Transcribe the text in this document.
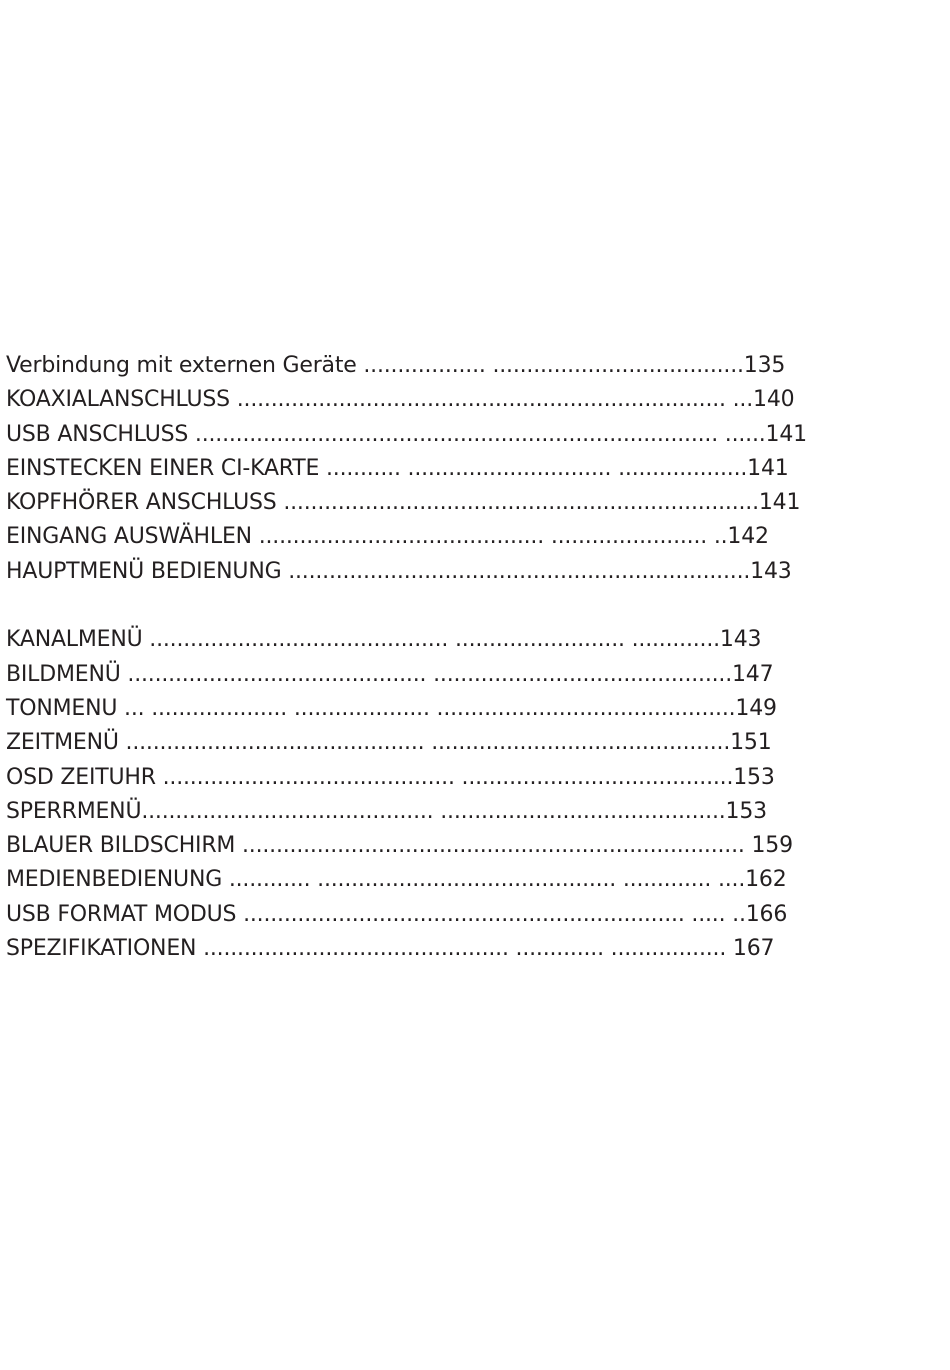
Verbindung mit externen Geräte .................. .....................................135
KOAXIALANSCHLUSS ........................................................................ ...140
USB ANSCHLUSS ............................................................................. ......141
EINSTECKEN EINER CI-KARTE ........... .............................. ...................141
KOPFHÖRER ANSCHLUSS ......................................................................141
EINGANG AUSWÄHLEN .......................................... ....................... ..142
HAUPTMENÜ BEDIENUNG ....................................................................143
KANALMENÜ ............................................ ......................... .............143
BILDMENÜ ............................................ ............................................147
TONMENU ... .................... .................... ............................................149
ZEITMENÜ ............................................ ............................................151
OSD ZEITUHR ........................................... ........................................153
SPERRMENÜ........................................... ..........................................153
BLAUER BILDSCHIRM .......................................................................... 159
MEDIENBEDIENUNG ............ ............................................ ............. ....162
USB FORMAT MODUS ................................................................. ..... ..166
SPEZIFIKATIONEN ............................................. ............. ................. 167
